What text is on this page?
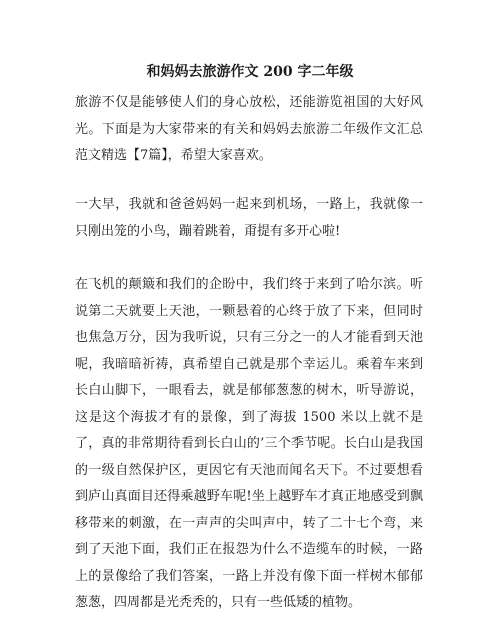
和妈妈去旅游作文 200 字二年级

旅游不仅是能够使人们的身心放松，还能游览祖国的大好风光。下面是为大家带来的有关和妈妈去旅游二年级作文汇总范文精选【7篇】，希望大家喜欢。

一大早，我就和爸爸妈妈一起来到机场，一路上，我就像一只刚出笼的小鸟，蹦着跳着，甭提有多开心啦!

在飞机的颠簸和我们的企盼中，我们终于来到了哈尔滨。听说第二天就要上天池，一颗悬着的心终于放了下来，但同时也焦急万分，因为我听说，只有三分之一的人才能看到天池呢，我暗暗祈祷，真希望自己就是那个幸运儿。乘着车来到长白山脚下，一眼看去，就是郁郁葱葱的树木，听导游说，这是这个海拔才有的景像，到了海拔 1500 米以上就不是了，真的非常期待看到长白山的’三个季节呢。长白山是我国的一级自然保护区，更因它有天池而闻名天下。不过要想看到庐山真面目还得乘越野车呢!坐上越野车才真正地感受到飘移带来的刺激，在一声声的尖叫声中，转了二十七个弯，来到了天池下面，我们正在报怨为什么不造缆车的时候，一路上的景像给了我们答案，一路上并没有像下面一样树木郁郁葱葱，四周都是光秃秃的，只有一些低矮的植物。
